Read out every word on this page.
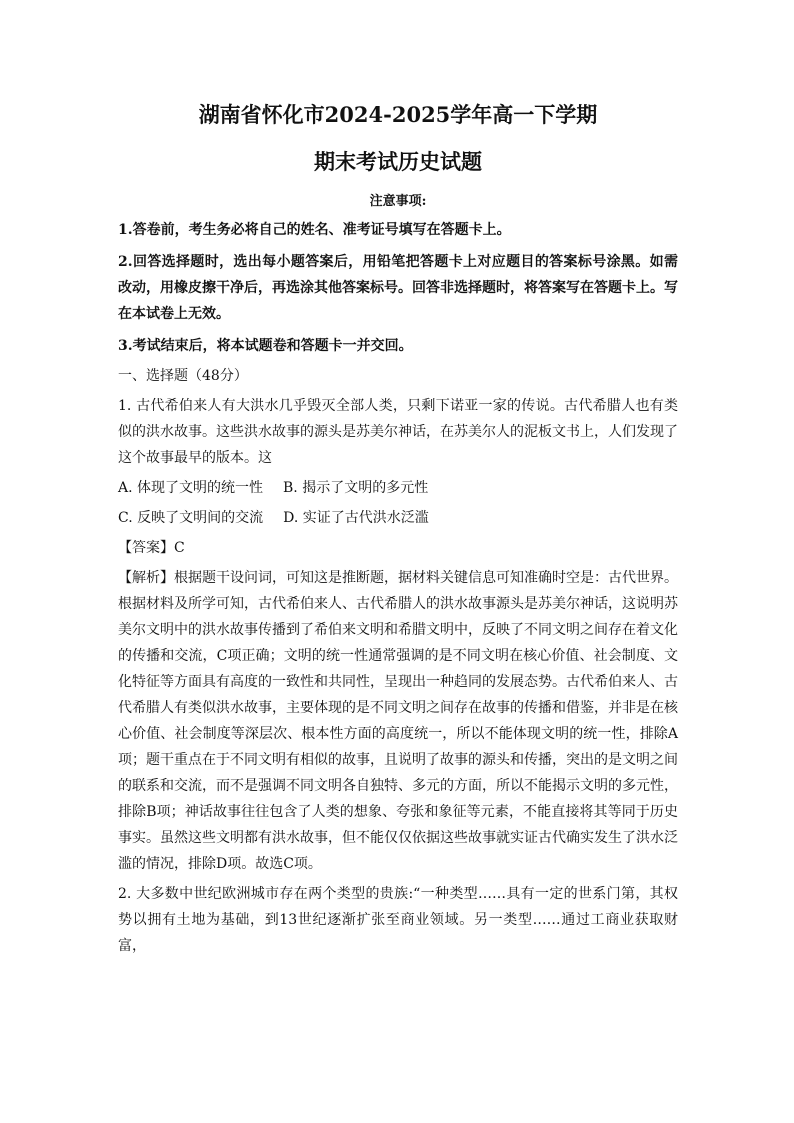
湖南省怀化市2024-2025学年高一下学期
期末考试历史试题
注意事项:

1.答卷前，考生务必将自己的姓名、准考证号填写在答题卡上。

2.回答选择题时，选出每小题答案后，用铅笔把答题卡上对应题目的答案标号涂黑。如需改动，用橡皮擦干净后，再选涂其他答案标号。回答非选择题时，将答案写在答题卡上。写在本试卷上无效。

3.考试结束后，将本试题卷和答题卡一并交回。

一、选择题（48分）

1. 古代希伯来人有大洪水几乎毁灭全部人类，只剩下诺亚一家的传说。古代希腊人也有类似的洪水故事。这些洪水故事的源头是苏美尔神话，在苏美尔人的泥板文书上，人们发现了这个故事最早的版本。这

A. 体现了文明的统一性 B. 揭示了文明的多元性
C. 反映了文明间的交流 D. 实证了古代洪水泛滥

【答案】C

【解析】根据题干设问词，可知这是推断题，据材料关键信息可知准确时空是：古代世界。根据材料及所学可知，古代希伯来人、古代希腊人的洪水故事源头是苏美尔神话，这说明苏美尔文明中的洪水故事传播到了希伯来文明和希腊文明中，反映了不同文明之间存在着文化的传播和交流，C项正确；文明的统一性通常强调的是不同文明在核心价值、社会制度、文化特征等方面具有高度的一致性和共同性，呈现出一种趋同的发展态势。古代希伯来人、古代希腊人有类似洪水故事，主要体现的是不同文明之间存在故事的传播和借鉴，并非是在核心价值、社会制度等深层次、根本性方面的高度统一，所以不能体现文明的统一性，排除A项；题干重点在于不同文明有相似的故事，且说明了故事的源头和传播，突出的是文明之间的联系和交流，而不是强调不同文明各自独特、多元的方面，所以不能揭示文明的多元性，排除B项；神话故事往往包含了人类的想象、夸张和象征等元素，不能直接将其等同于历史事实。虽然这些文明都有洪水故事，但不能仅仅依据这些故事就实证古代确实发生了洪水泛滥的情况，排除D项。故选C项。

2. 大多数中世纪欧洲城市存在两个类型的贵族:“一种类型……具有一定的世系门第，其权势以拥有土地为基础，到13世纪逐渐扩张至商业领域。另一类型……通过工商业获取财富，
